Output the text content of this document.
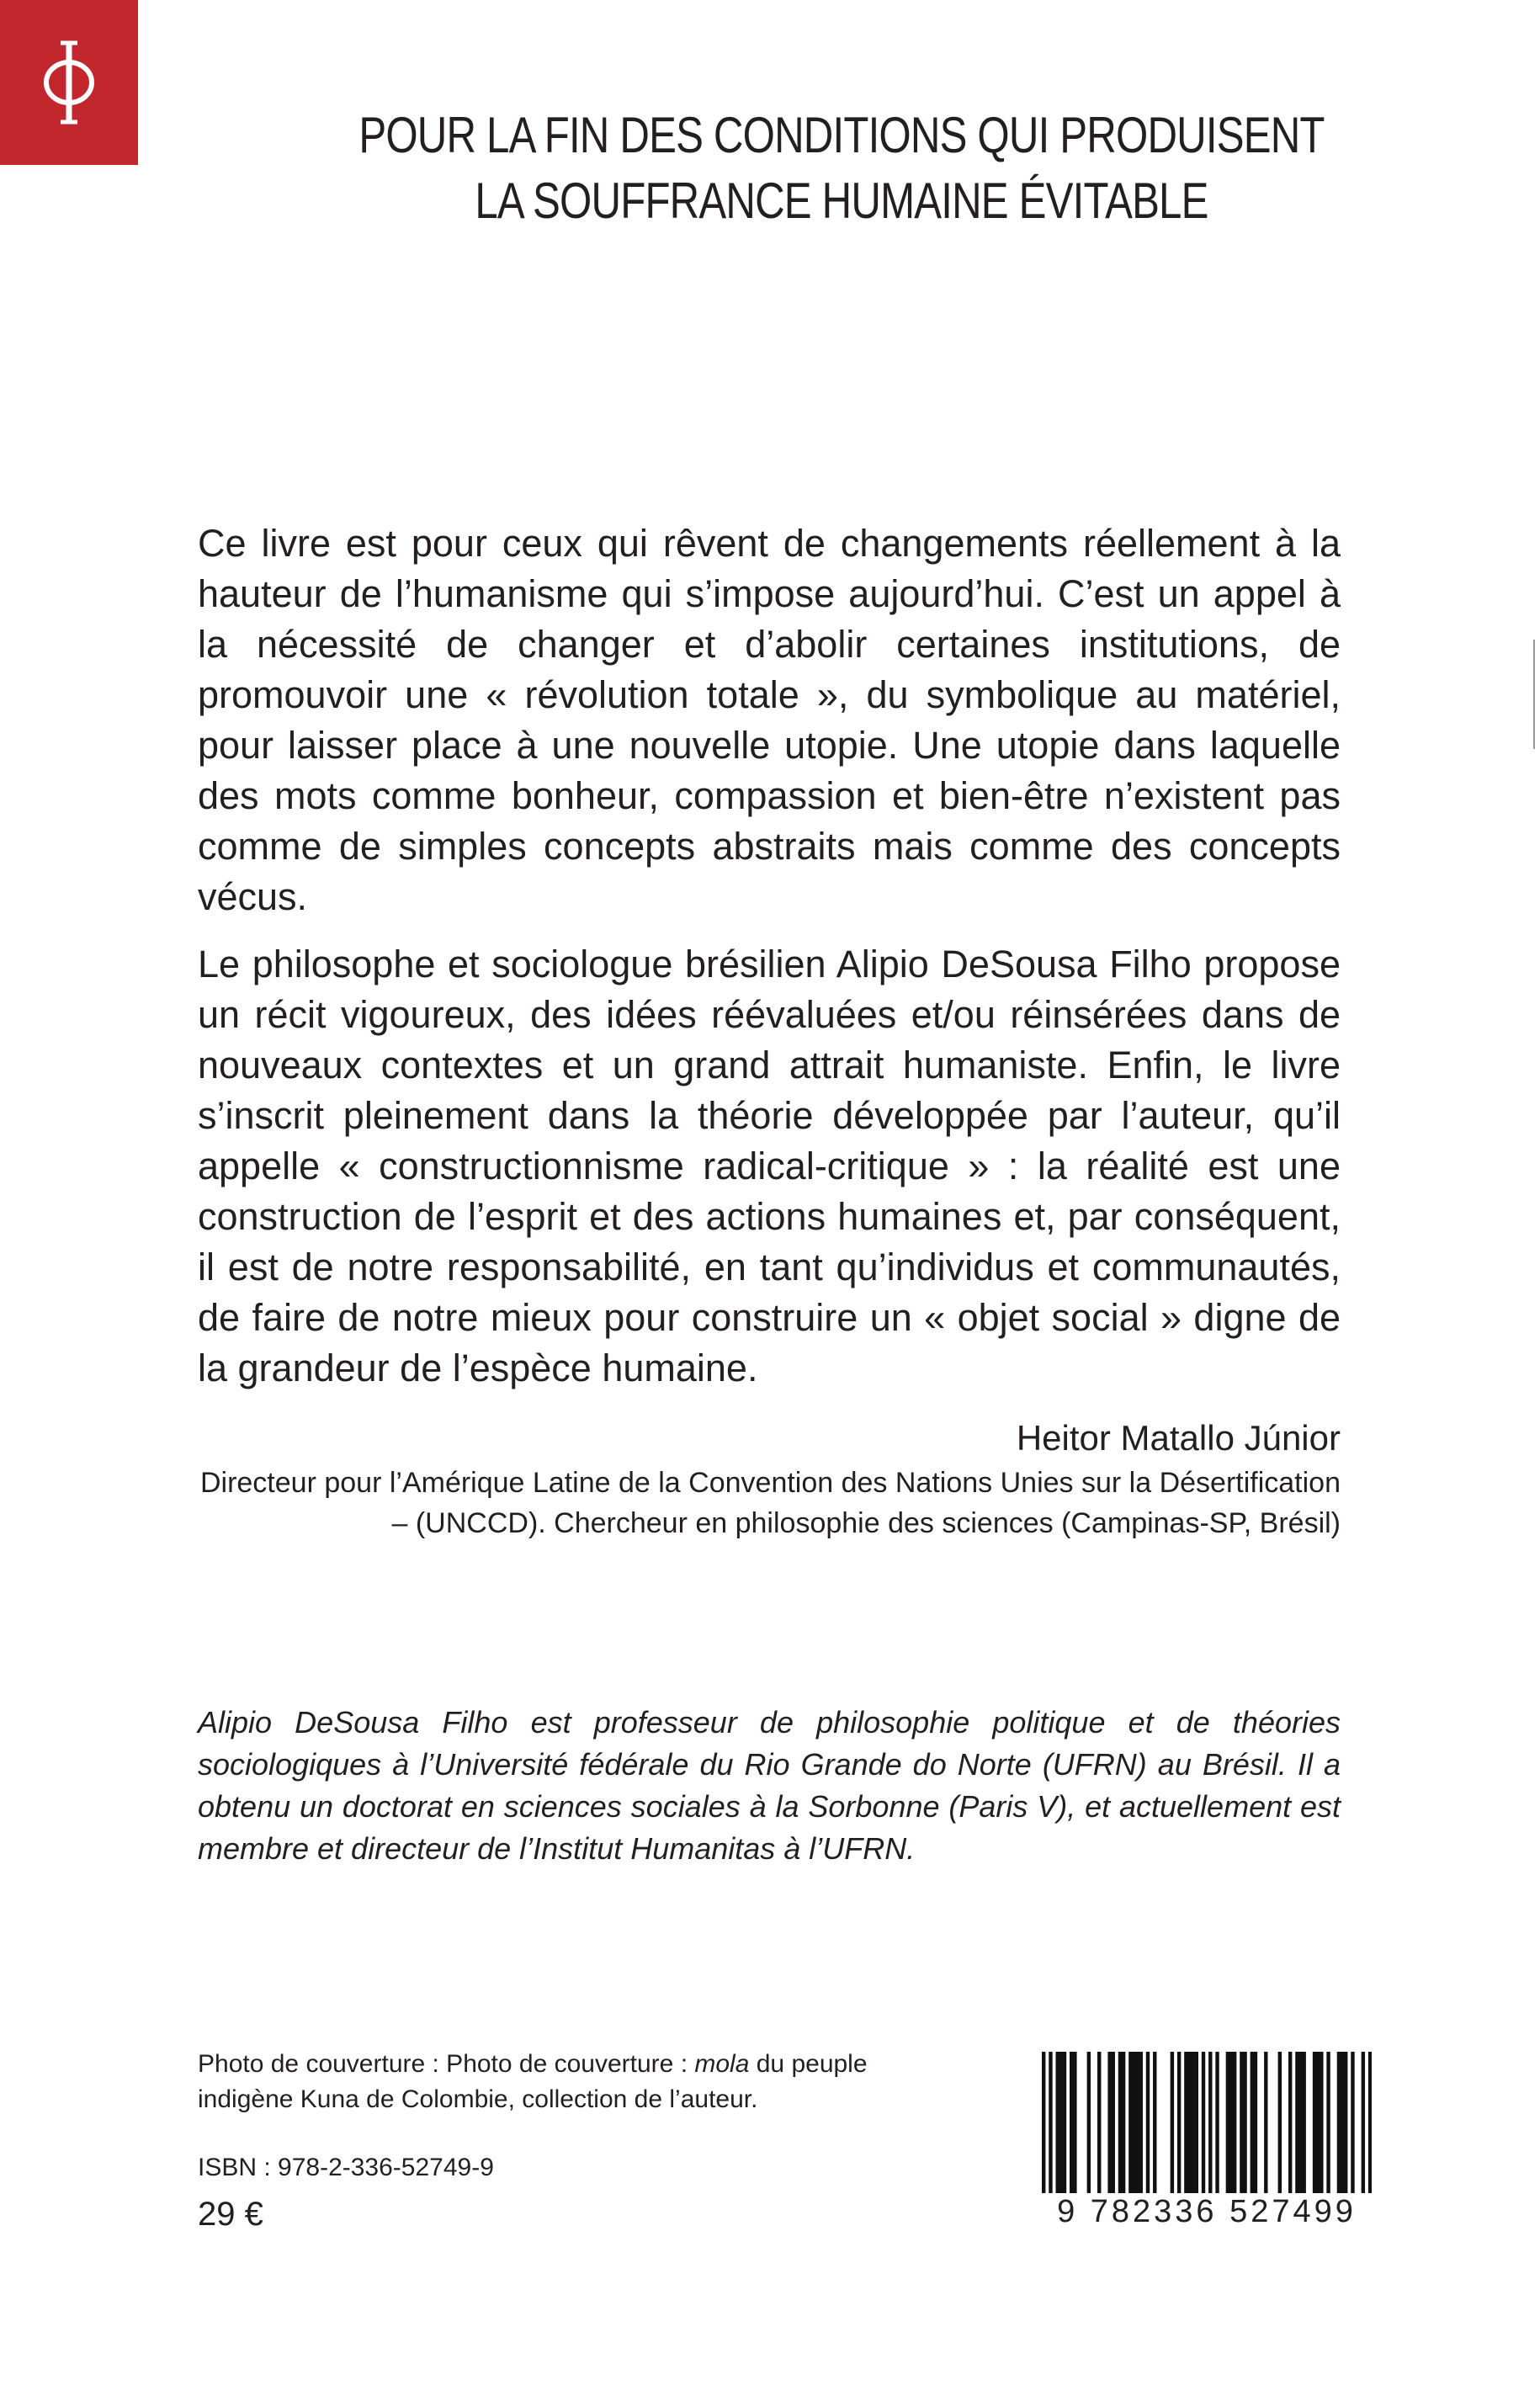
POUR LA FIN DES CONDITIONS QUI PRODUISENT
LA SOUFFRANCE HUMAINE ÉVITABLE

Ce livre est pour ceux qui rêvent de changements réellement à la hauteur de l’humanisme qui s’impose aujourd’hui. C’est un appel à la nécessité de changer et d’abolir certaines institutions, de promouvoir une « révolution totale », du symbolique au matériel, pour laisser place à une nouvelle utopie. Une utopie dans laquelle des mots comme bonheur, compassion et bien-être n’existent pas comme de simples concepts abstraits mais comme des concepts vécus.

Le philosophe et sociologue brésilien Alipio DeSousa Filho propose un récit vigoureux, des idées réévaluées et/ou réinsérées dans de nouveaux contextes et un grand attrait humaniste. Enfin, le livre s’inscrit pleinement dans la théorie développée par l’auteur, qu’il appelle « constructionnisme radical-critique » : la réalité est une construction de l’esprit et des actions humaines et, par conséquent, il est de notre responsabilité, en tant qu’individus et communautés, de faire de notre mieux pour construire un « objet social » digne de la grandeur de l’espèce humaine.

Heitor Matallo Júnior
Directeur pour l’Amérique Latine de la Convention des Nations Unies sur la Désertification – (UNCCD). Chercheur en philosophie des sciences (Campinas-SP, Brésil)
Alipio DeSousa Filho est professeur de philosophie politique et de théories sociologiques à l’Université fédérale du Rio Grande do Norte (UFRN) au Brésil. Il a obtenu un doctorat en sciences sociales à la Sorbonne (Paris V), et actuellement est membre et directeur de l’Institut Humanitas à l’UFRN.
Photo de couverture : Photo de couverture : mola du peuple indigène Kuna de Colombie, collection de l’auteur.
ISBN : 978-2-336-52749-9
29 €	9 782336 527499
